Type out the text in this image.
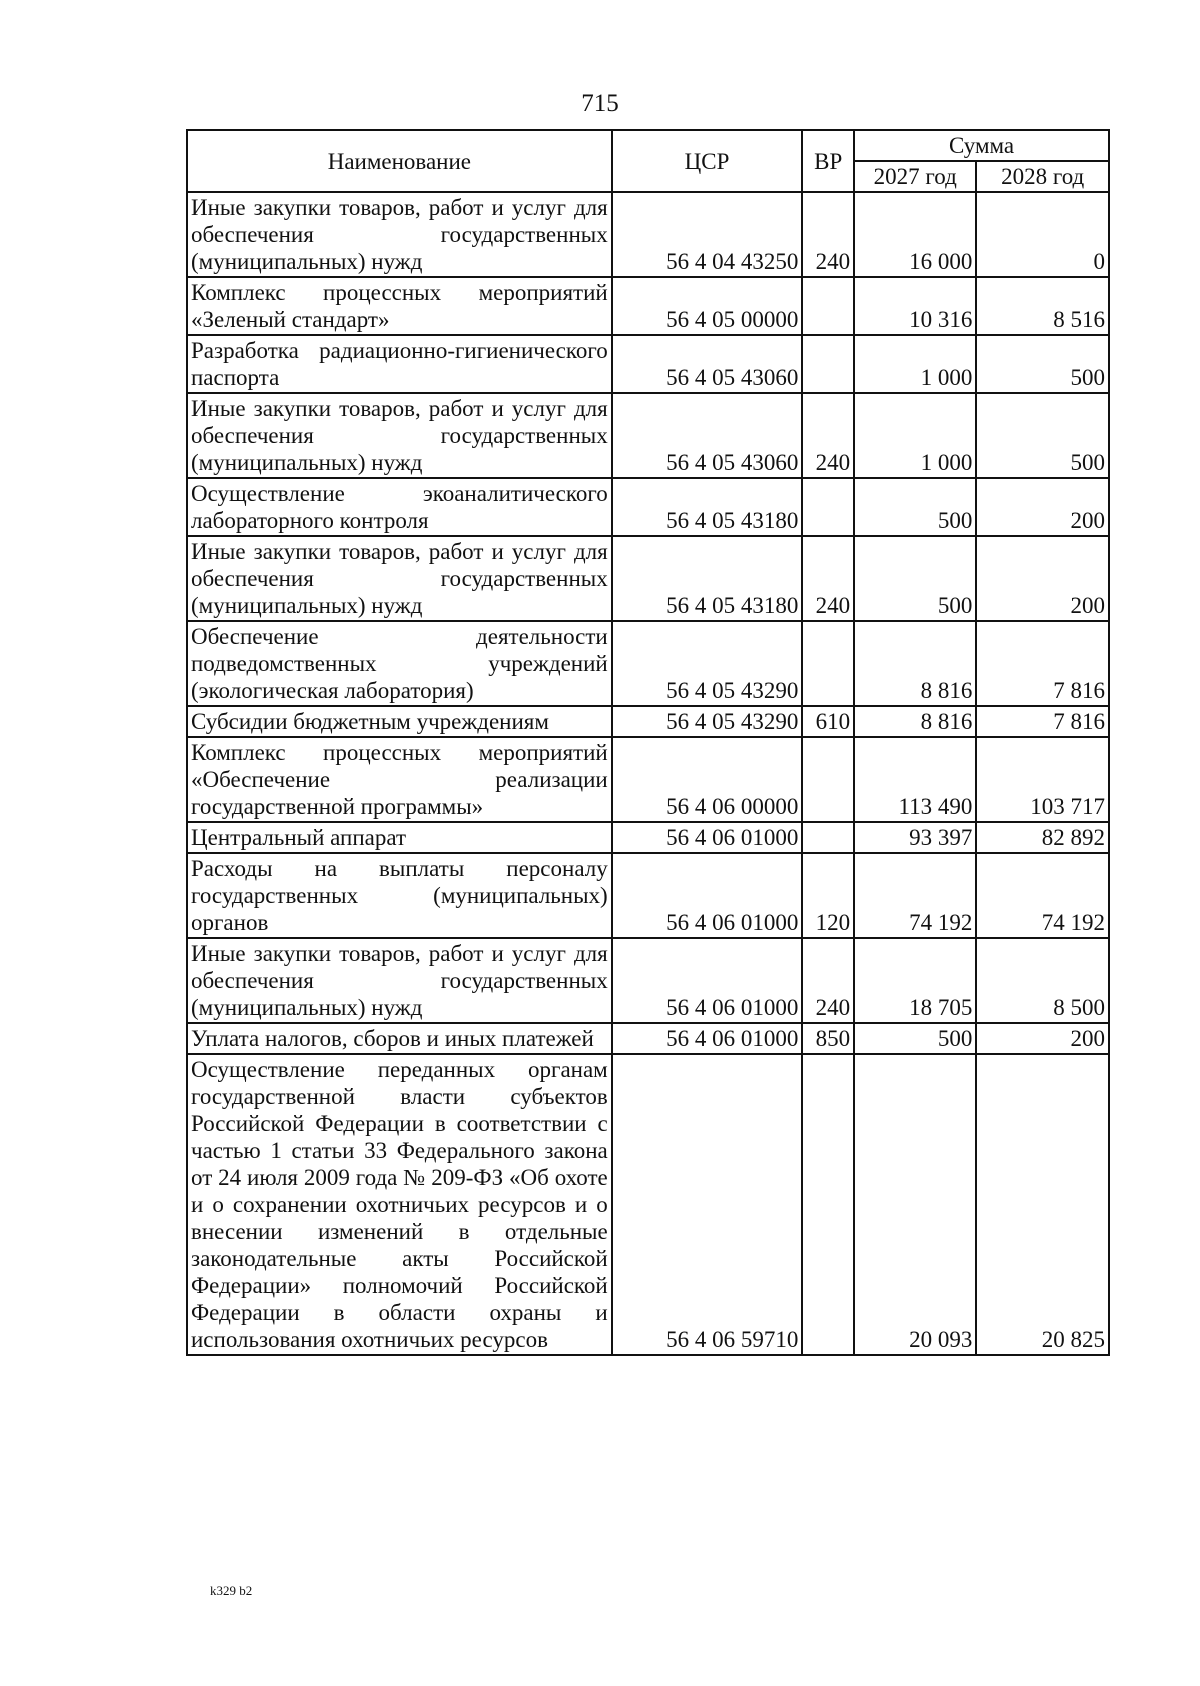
715
Наименование	ЦСР	ВР	Сумма	
			2027 год	2028 год
Иные закупки товаров, работ и услуг для обеспечения государственных (муниципальных) нужд	56 4 04 43250	240	16 000	0
Комплекс процессных мероприятий «Зеленый стандарт»	56 4 05 00000		10 316	8 516
Разработка радиационно-гигиенического паспорта	56 4 05 43060		1 000	500
Иные закупки товаров, работ и услуг для обеспечения государственных (муниципальных) нужд	56 4 05 43060	240	1 000	500
Осуществление экоаналитического лабораторного контроля	56 4 05 43180		500	200
Иные закупки товаров, работ и услуг для обеспечения государственных (муниципальных) нужд	56 4 05 43180	240	500	200
Обеспечение деятельности подведомственных учреждений (экологическая лаборатория)	56 4 05 43290		8 816	7 816
Субсидии бюджетным учреждениям	56 4 05 43290	610	8 816	7 816
Комплекс процессных мероприятий «Обеспечение реализации государственной программы»	56 4 06 00000		113 490	103 717
Центральный аппарат	56 4 06 01000		93 397	82 892
Расходы на выплаты персоналу государственных (муниципальных) органов	56 4 06 01000	120	74 192	74 192
Иные закупки товаров, работ и услуг для обеспечения государственных (муниципальных) нужд	56 4 06 01000	240	18 705	8 500
Уплата налогов, сборов и иных платежей	56 4 06 01000	850	500	200
Осуществление переданных органам государственной власти субъектов Российской Федерации в соответствии с частью 1 статьи 33 Федерального закона от 24 июля 2009 года № 209-ФЗ «Об охоте и о сохранении охотничьих ресурсов и о внесении изменений в отдельные законодательные акты Российской Федерации» полномочий Российской Федерации в области охраны и использования охотничьих ресурсов	56 4 06 59710		20 093	20 825
k329 b2
